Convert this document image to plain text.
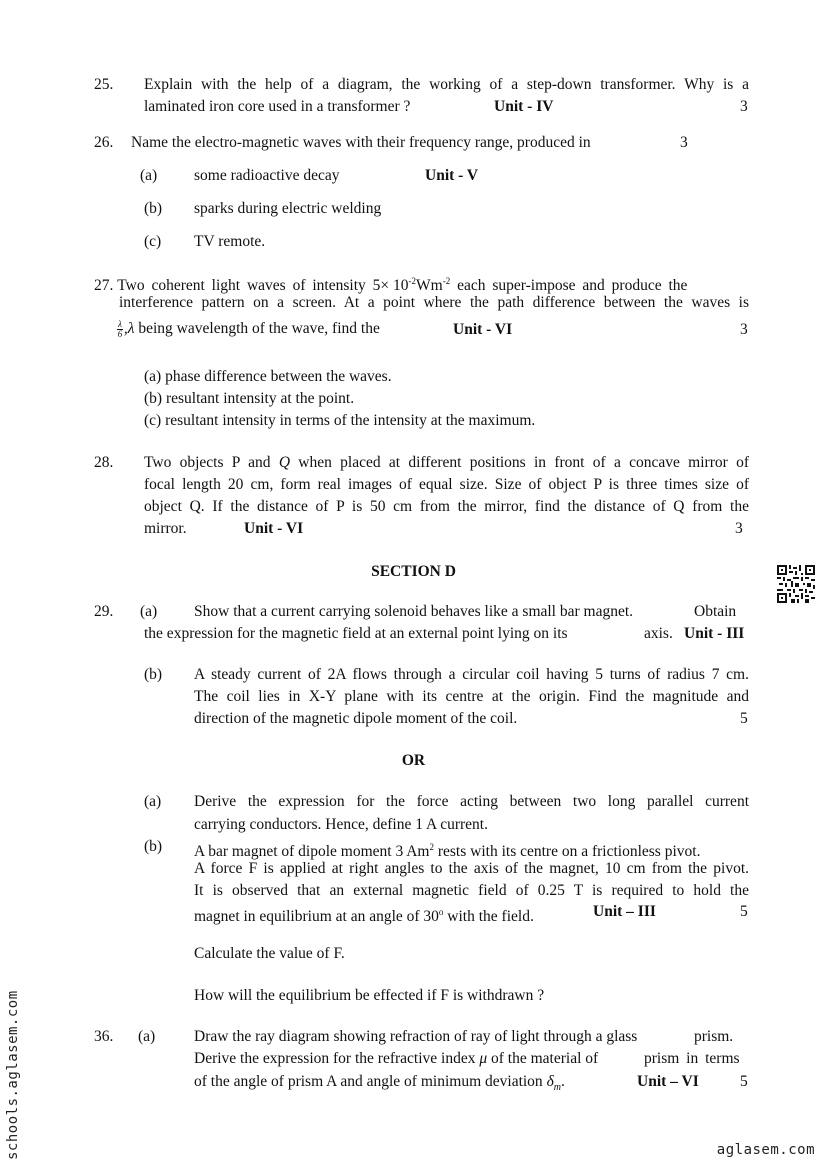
25. Explain with the help of a diagram, the working of a step-down transformer. Why is a
laminated iron core used in a transformer ?	Unit - IV	3
26. Name the electro-magnetic waves with their frequency range, produced in	3
(a) some radioactive decay	Unit - V
(b) sparks during electric welding
(c) TV remote.
27. Two coherent light waves of intensity $5\times 10^{-2}Wm^{-2}$ each super-impose and produce the
interference pattern on a screen. At a point where the path difference between the waves is
$\frac{\lambda}{6} ,\lambda$ being wavelength of the wave, find the	Unit - VI	3
(a) phase difference between the waves.
(b) resultant intensity at the point.
(c) resultant intensity in terms of the intensity at the maximum.
28. Two objects P and Q when placed at different positions in front of a concave mirror of
focal length 20 cm, form real images of equal size. Size of object P is three times size of
object Q. If the distance of P is 50 cm from the mirror, find the distance of Q from the
mirror.	Unit - VI	3
SECTION D
29. (a) Show that a current carrying solenoid behaves like a small bar magnet.	Obtain
the expression for the magnetic field at an external point lying on its	axis. Unit - III
(b) A steady current of 2A flows through a circular coil having 5 turns of radius 7 cm.
The coil lies in X-Y plane with its centre at the origin. Find the magnitude and
direction of the magnetic dipole moment of the coil.	5
OR
(a) Derive the expression for the force acting between two long parallel current
carrying conductors. Hence, define 1 A current.
(b) A bar magnet of dipole moment 3 Am$^2$ rests with its centre on a frictionless pivot.
A force F is applied at right angles to the axis of the magnet, 10 cm from the pivot.
It is observed that an external magnetic field of 0.25 T is required to hold the
magnet in equilibrium at an angle of 30$^o$ with the field.	Unit – III	5
Calculate the value of F.
How will the equilibrium be effected if F is withdrawn ?
36. (a)	Draw the ray diagram showing refraction of ray of light through a glass	prism.
Derive the expression for the refractive index μ of the material of	prism in terms
of the angle of prism A and angle of minimum deviation $\delta_m$.	Unit – VI	5
schools.aglasem.com	aglasem.com
